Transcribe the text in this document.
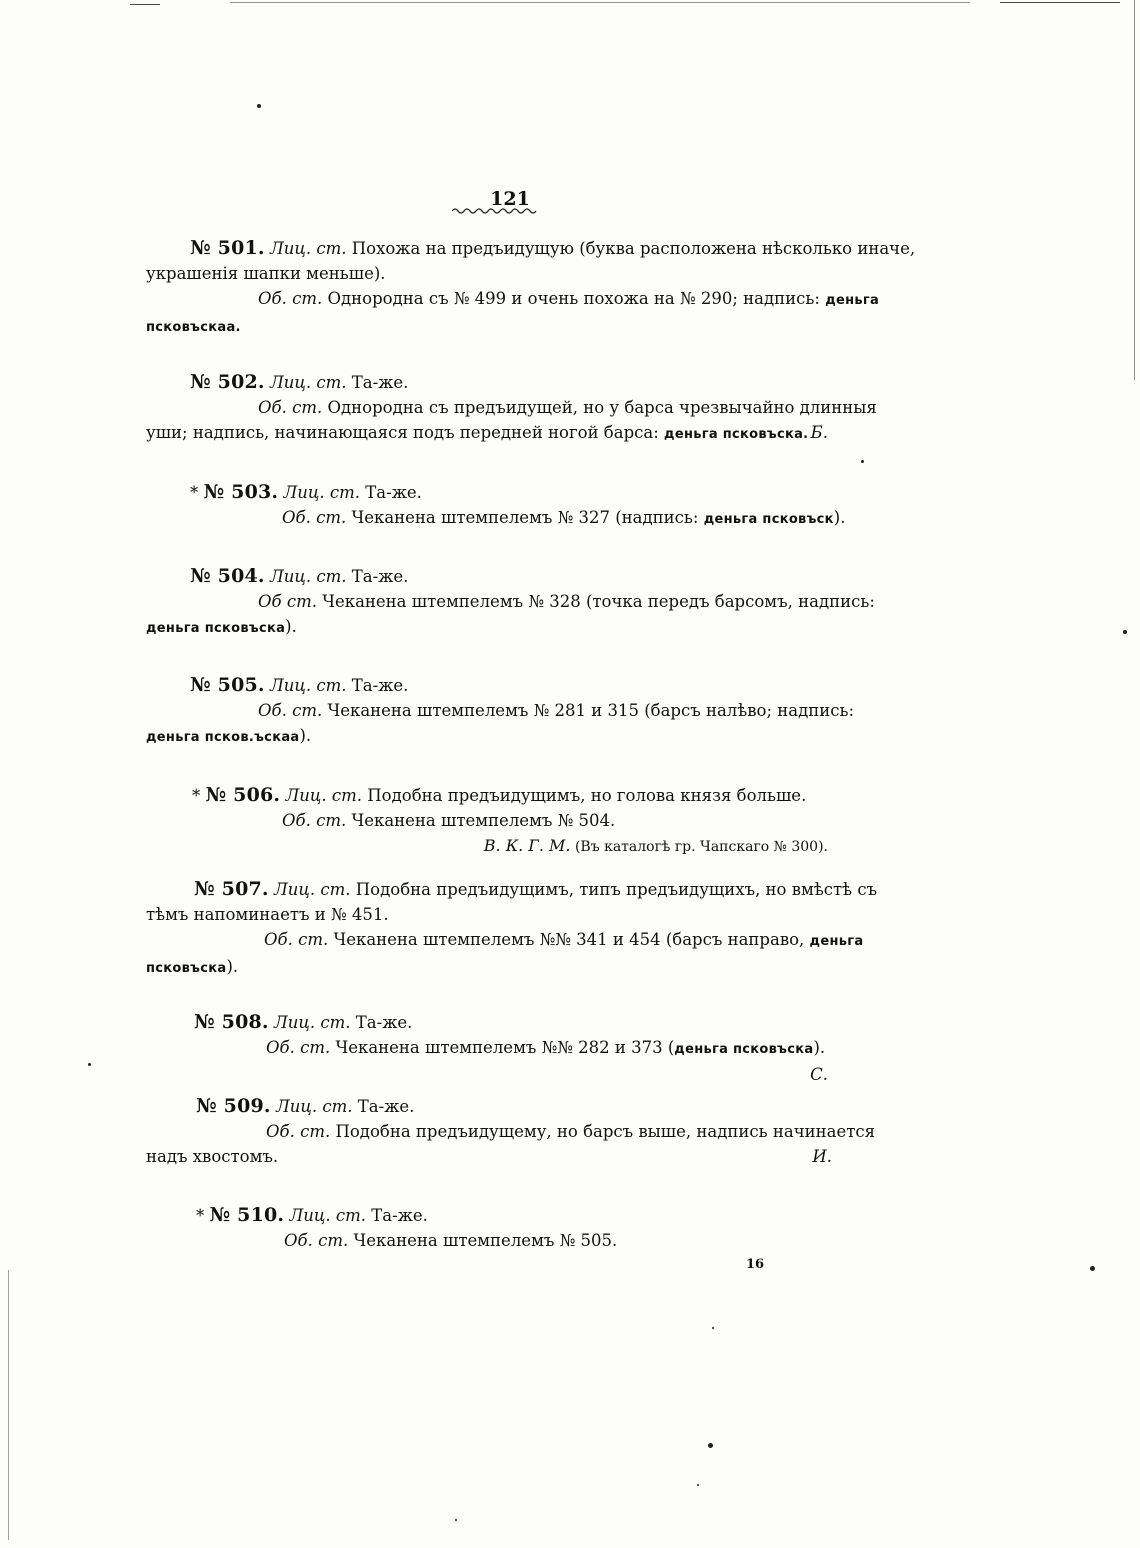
121
№ 501. Лиц. ст. Похожа на предъидущую (буква расположена нѣсколько иначе,
украшенія шапки меньше).
Об. ст. Однородна съ № 499 и очень похожа на № 290; надпись: деньга
псковъскаа.
№ 502. Лиц. ст. Та-же.
Об. ст. Однородна съ предъидущей, но у барса чрезвычайно длинныя
уши; надпись, начинающаяся подъ передней ногой барса: деньга псковъска. Б.
* № 503. Лиц. ст. Та-же.
Об. ст. Чеканена штемпелемъ № 327 (надпись: деньга псковъск).
№ 504. Лиц. ст. Та-же.
Об ст. Чеканена штемпелемъ № 328 (точка передъ барсомъ, надпись:
деньга псковъска).
№ 505. Лиц. ст. Та-же.
Об. ст. Чеканена штемпелемъ № 281 и 315 (барсъ налѣво; надпись:
деньга псков.ъскаа).
* № 506. Лиц. ст. Подобна предъидущимъ, но голова князя больше.
Об. ст. Чеканена штемпелемъ № 504.
В. К. Г. М. (Въ каталогѣ гр. Чапскаго № 300).
№ 507. Лиц. ст. Подобна предъидущимъ, типъ предъидущихъ, но вмѣстѣ съ
тѣмъ напоминаетъ и № 451.
Об. ст. Чеканена штемпелемъ №№ 341 и 454 (барсъ направо, деньга
псковъска).
№ 508. Лиц. ст. Та-же.
Об. ст. Чеканена штемпелемъ №№ 282 и 373 (деньга псковъска).
С.
№ 509. Лиц. ст. Та-же.
Об. ст. Подобна предъидущему, но барсъ выше, надпись начинается
надъ хвостомъ.	И.
* № 510. Лиц. ст. Та-же.
Об. ст. Чеканена штемпелемъ № 505.
16
